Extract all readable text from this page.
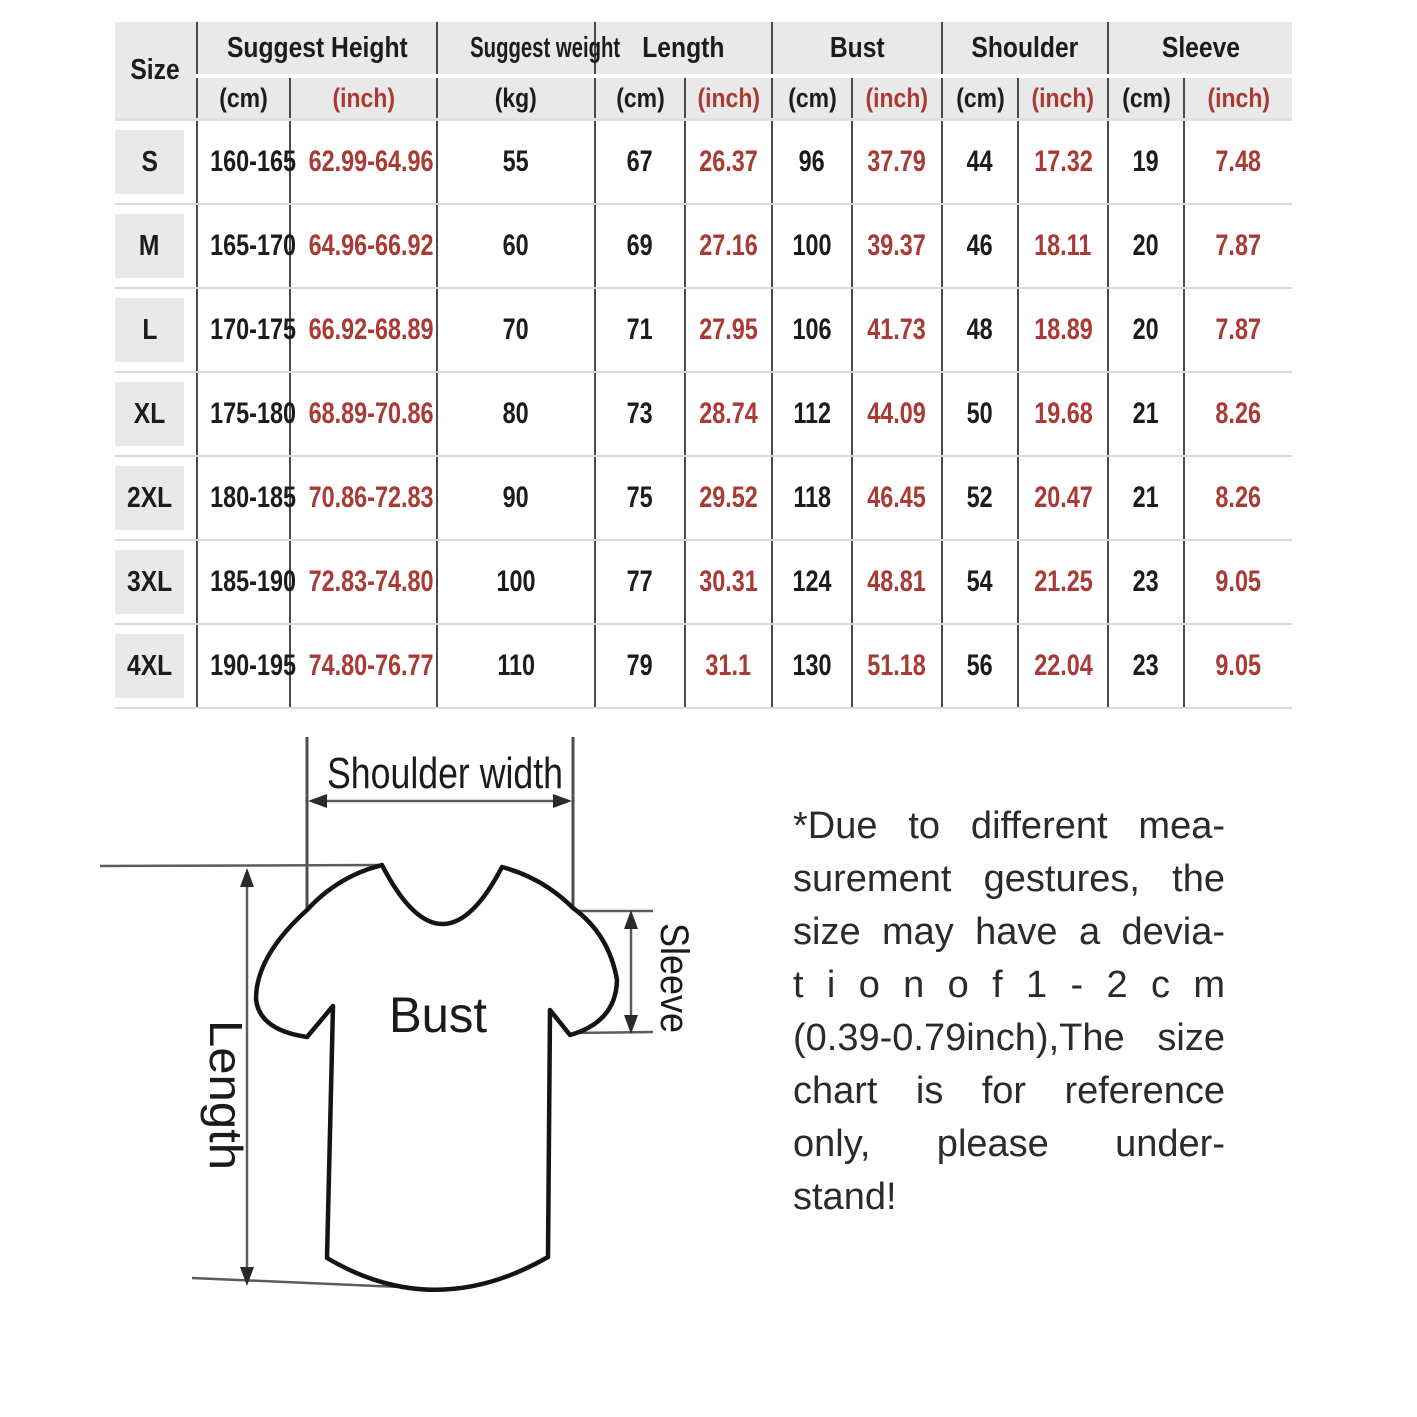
Size	Suggest Height		Suggest weight	Length		Bust		Shoulder		Sleeve	
	(cm)	(inch)	(kg)	(cm)	(inch)	(cm)	(inch)	(cm)	(inch)	(cm)	(inch)

S	160-165	62.99-64.96	55	67	26.37	96	37.79	44	17.32	19	7.48

M	165-170	64.96-66.92	60	69	27.16	100	39.37	46	18.11	20	7.87

L	170-175	66.92-68.89	70	71	27.95	106	41.73	48	18.89	20	7.87

XL	175-180	68.89-70.86	80	73	28.74	112	44.09	50	19.68	21	8.26

2XL	180-185	70.86-72.83	90	75	29.52	118	46.45	52	20.47	21	8.26

3XL	185-190	72.83-74.80	100	77	30.31	124	48.81	54	21.25	23	9.05

4XL	190-195	74.80-76.77	110	79	31.1	130	51.18	56	22.04	23	9.05
Shoulder width
Bust	Sleeve
Length
*Due to different mea-
surement gestures, the
size may have a devia-
t i o n o f 1 - 2 c m
(0.39-0.79inch),The size
chart is for reference
only, please under-
stand!
